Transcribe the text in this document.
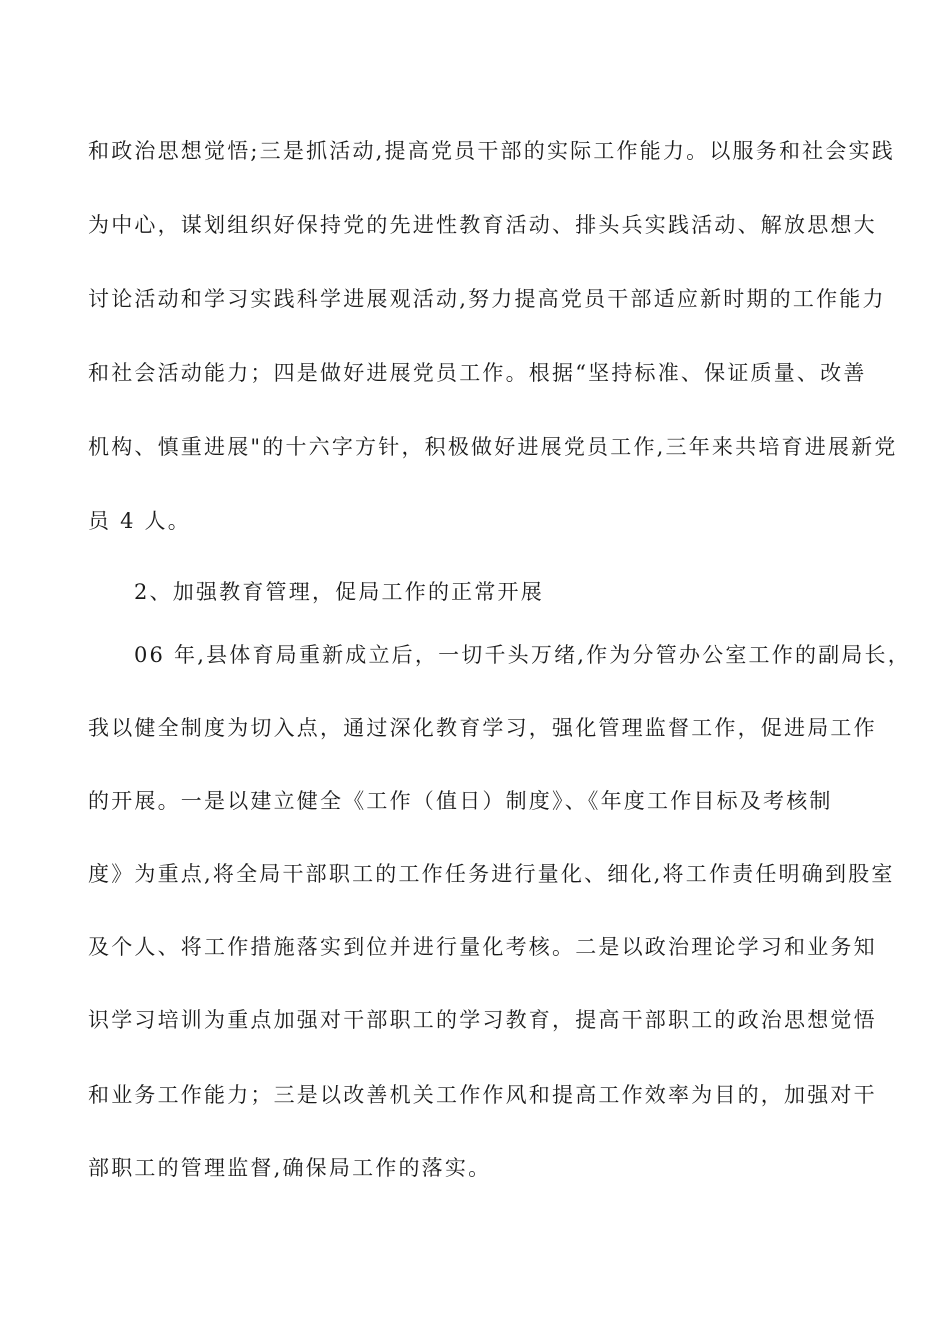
和政治思想觉悟;三是抓活动,提高党员干部的实际工作能力。以服务和社会实践
为中心，谋划组织好保持党的先进性教育活动、排头兵实践活动、解放思想大
讨论活动和学习实践科学进展观活动,努力提高党员干部适应新时期的工作能力
和社会活动能力；四是做好进展党员工作。根据“坚持标准、保证质量、改善
机构、慎重进展"的十六字方针，积极做好进展党员工作,三年来共培育进展新党
员 4 人。
2、加强教育管理，促局工作的正常开展
06 年,县体育局重新成立后，一切千头万绪,作为分管办公室工作的副局长，
我以健全制度为切入点，通过深化教育学习，强化管理监督工作，促进局工作
的开展。一是以建立健全《工作（值日）制度》、《年度工作目标及考核制
度》为重点,将全局干部职工的工作任务进行量化、细化,将工作责任明确到股室
及个人、将工作措施落实到位并进行量化考核。二是以政治理论学习和业务知
识学习培训为重点加强对干部职工的学习教育，提高干部职工的政治思想觉悟
和业务工作能力；三是以改善机关工作作风和提高工作效率为目的，加强对干
部职工的管理监督,确保局工作的落实。
